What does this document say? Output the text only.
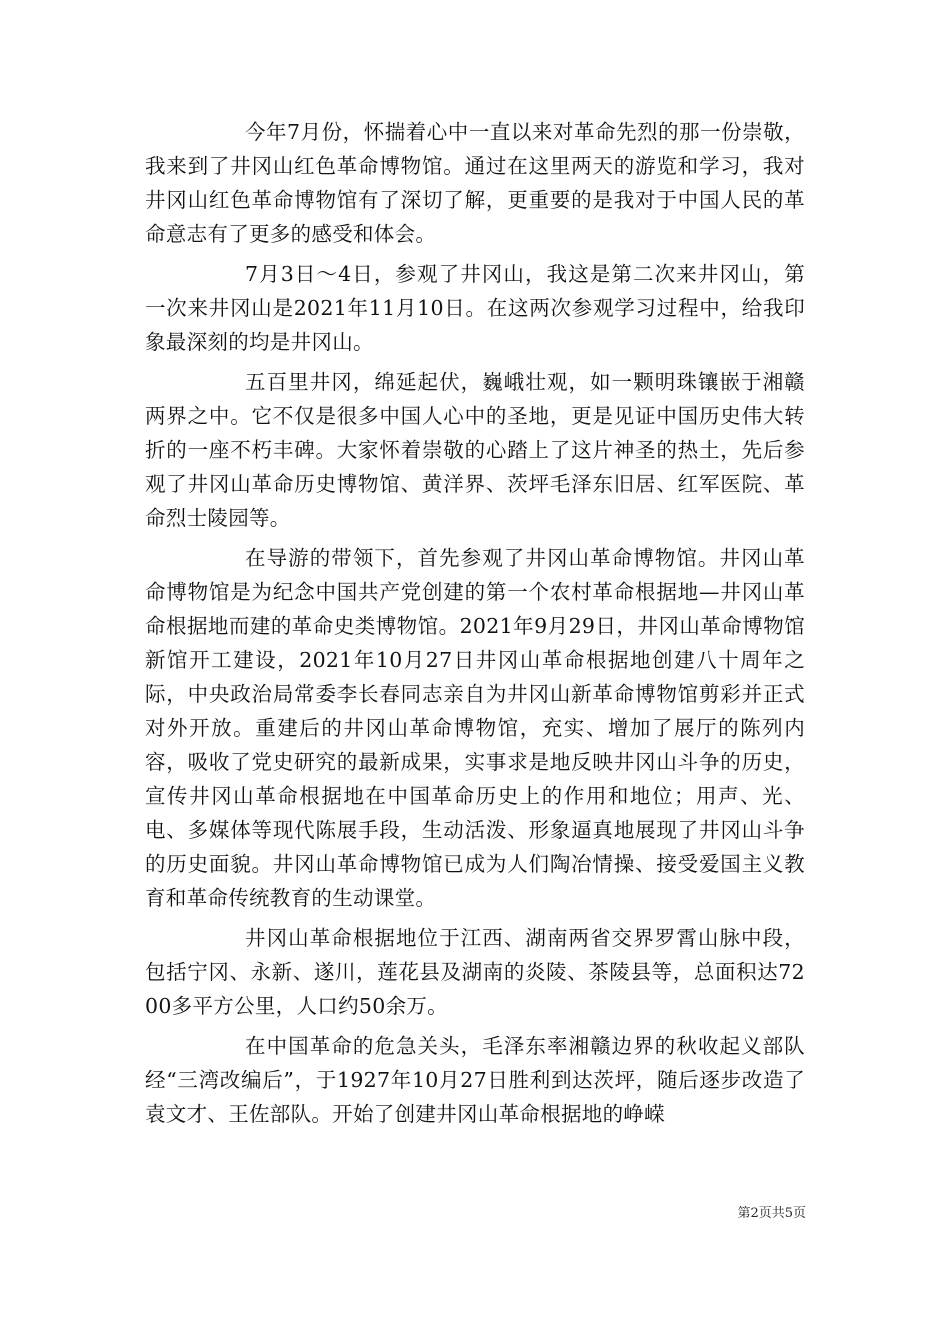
今年7月份，怀揣着心中一直以来对革命先烈的那一份崇敬，我来到了井冈山红色革命博物馆。通过在这里两天的游览和学习，我对井冈山红色革命博物馆有了深切了解，更重要的是我对于中国人民的革命意志有了更多的感受和体会。

7月3日～4日，参观了井冈山，我这是第二次来井冈山，第一次来井冈山是2021年11月10日。在这两次参观学习过程中，给我印象最深刻的均是井冈山。

五百里井冈，绵延起伏，巍峨壮观，如一颗明珠镶嵌于湘赣两界之中。它不仅是很多中国人心中的圣地，更是见证中国历史伟大转折的一座不朽丰碑。大家怀着崇敬的心踏上了这片神圣的热土，先后参观了井冈山革命历史博物馆、黄洋界、茨坪毛泽东旧居、红军医院、革命烈士陵园等。

在导游的带领下，首先参观了井冈山革命博物馆。井冈山革命博物馆是为纪念中国共产党创建的第一个农村革命根据地—井冈山革命根据地而建的革命史类博物馆。2021年9月29日，井冈山革命博物馆新馆开工建设，2021年10月27日井冈山革命根据地创建八十周年之际，中央政治局常委李长春同志亲自为井冈山新革命博物馆剪彩并正式对外开放。重建后的井冈山革命博物馆，充实、增加了展厅的陈列内容，吸收了党史研究的最新成果，实事求是地反映井冈山斗争的历史，宣传井冈山革命根据地在中国革命历史上的作用和地位；用声、光、电、多媒体等现代陈展手段，生动活泼、形象逼真地展现了井冈山斗争的历史面貌。井冈山革命博物馆已成为人们陶冶情操、接受爱国主义教育和革命传统教育的生动课堂。

井冈山革命根据地位于江西、湖南两省交界罗霄山脉中段，包括宁冈、永新、遂川，莲花县及湖南的炎陵、茶陵县等，总面积达7200多平方公里，人口约50余万。

在中国革命的危急关头，毛泽东率湘赣边界的秋收起义部队经“三湾改编后”，于1927年10月27日胜利到达茨坪，随后逐步改造了袁文才、王佐部队。开始了创建井冈山革命根据地的峥嵘

第2页共5页
